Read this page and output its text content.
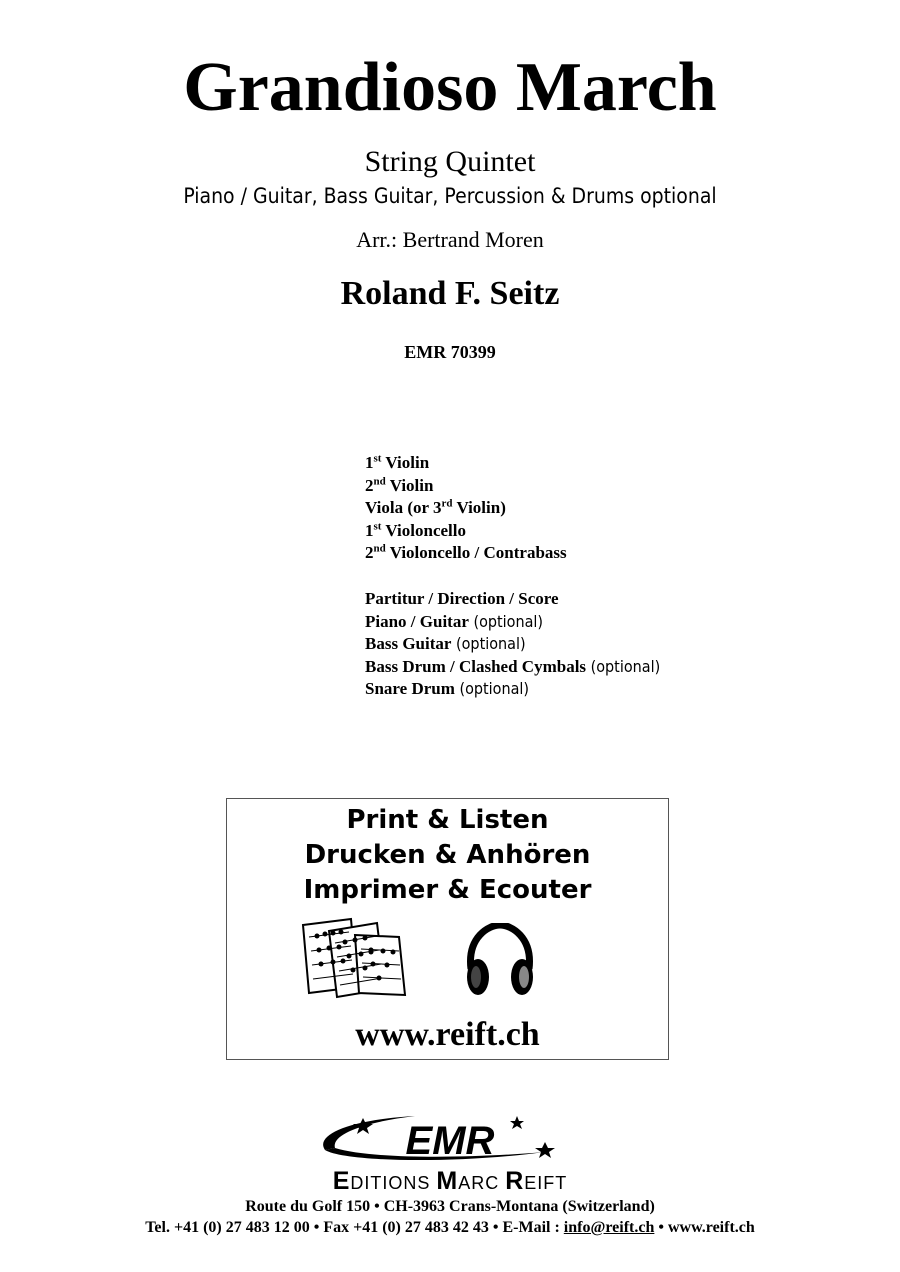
Grandioso March
String Quintet
Piano / Guitar, Bass Guitar, Percussion & Drums optional
Arr.: Bertrand Moren
Roland F. Seitz
EMR 70399
1st Violin
2nd Violin
Viola (or 3rd Violin)
1st Violoncello
2nd Violoncello / Contrabass
Partitur / Direction / Score
Piano / Guitar (optional)
Bass Guitar (optional)
Bass Drum / Clashed Cymbals (optional)
Snare Drum (optional)
Print & Listen
Drucken & Anhören
Imprimer & Ecouter
www.reift.ch
EMR
EDITIONS MARC REIFT
Route du Golf 150 • CH-3963 Crans-Montana (Switzerland)
Tel. +41 (0) 27 483 12 00 • Fax +41 (0) 27 483 42 43 • E-Mail : info@reift.ch • www.reift.ch
